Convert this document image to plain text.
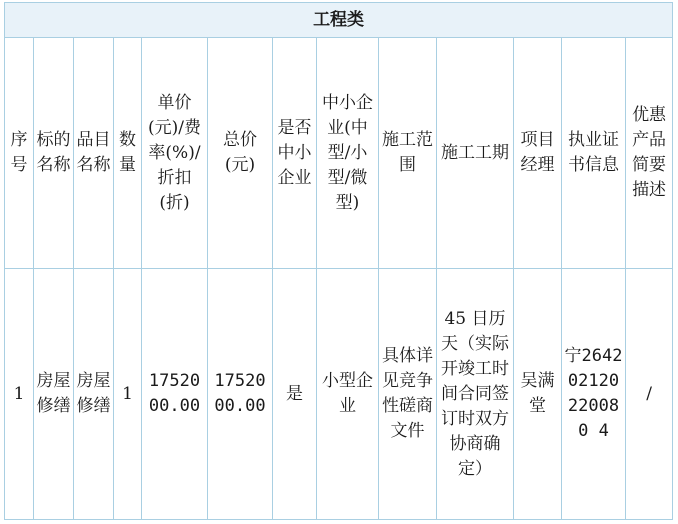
工程类												
序号	标的名称	品目名称	数量	单价(元)/费率(%)/折扣(折)	总价(元)	是否中小企业	中小企业(中型/小型/微型)	施工范围	施工工期	项目经理	执业证书信息	优惠产品简要描述
1	房屋修缮	房屋修缮	1	1752000.00	1752000.00	是	小型企业	具体详见竞争性磋商文件	45 日历天（实际开竣工时间合同签订时双方协商确定）	吴满堂	宁264202120220080 4	/
